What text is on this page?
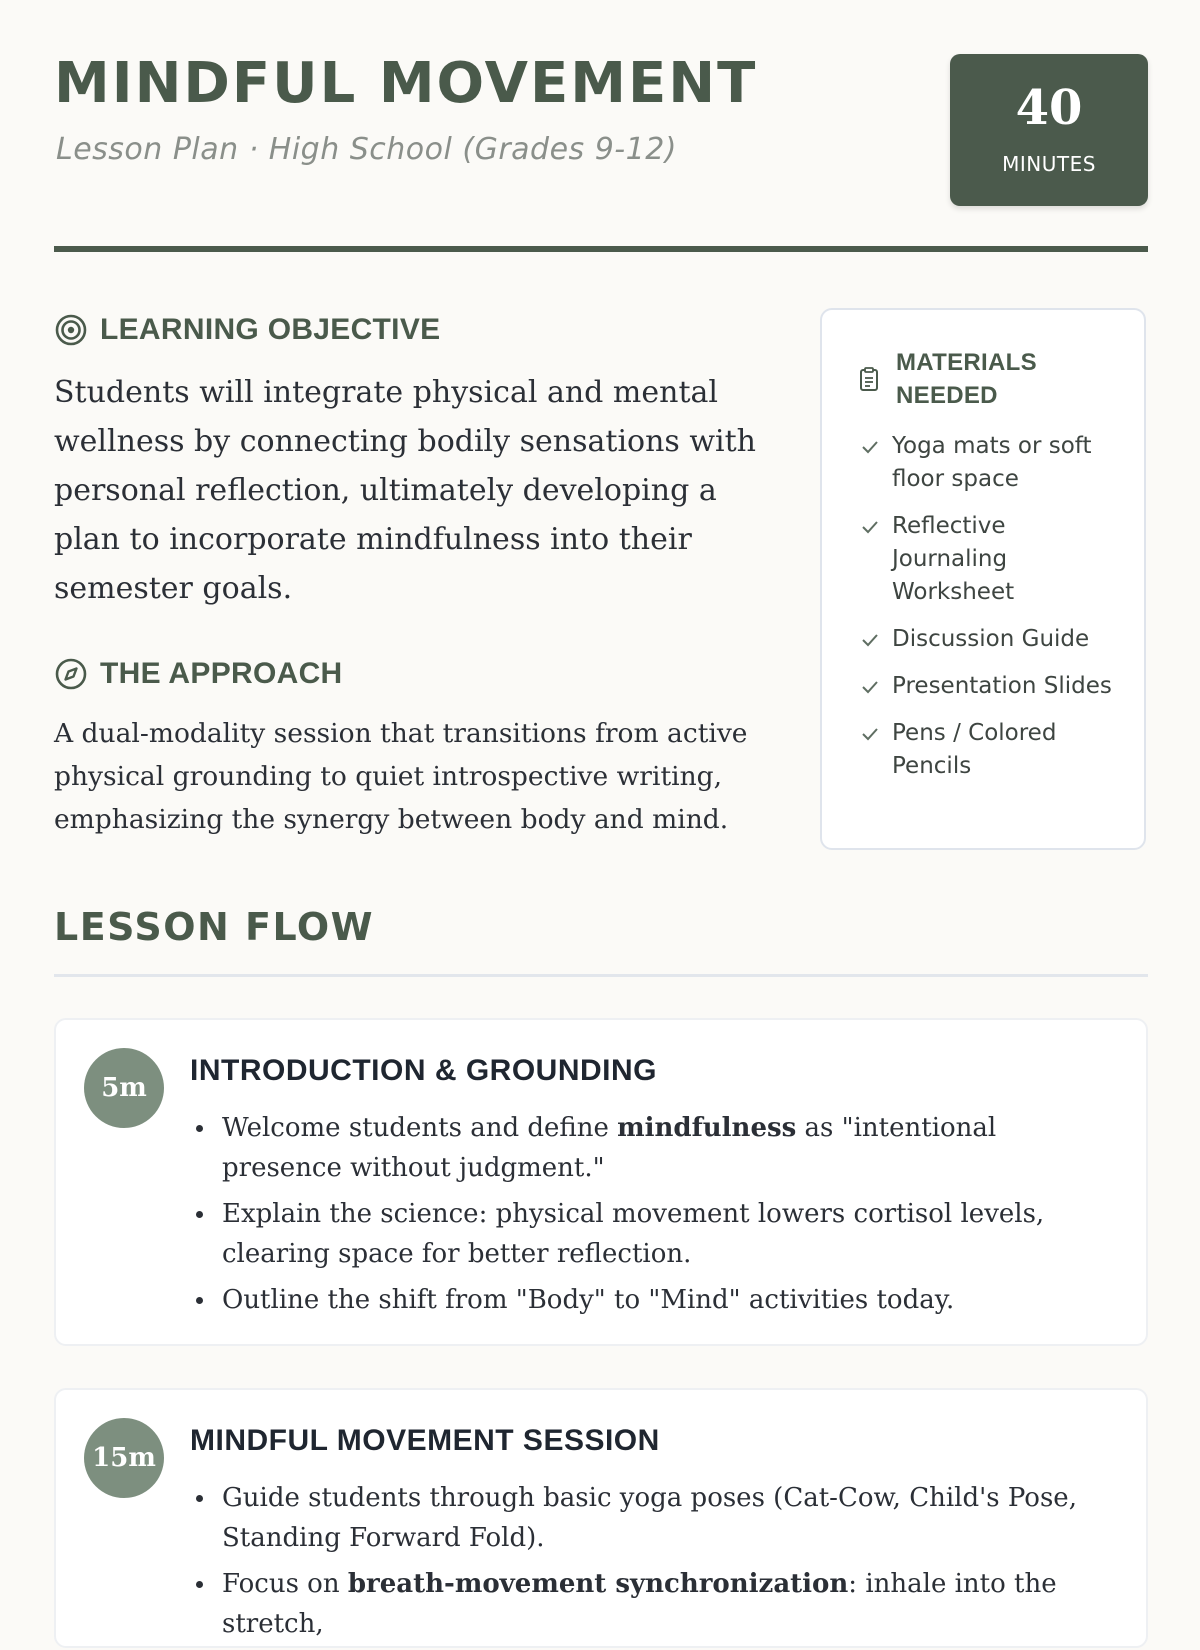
MINDFUL MOVEMENT
Lesson Plan · High School (Grades 9-12)
40
MINUTES
LEARNING OBJECTIVE

Students will integrate physical and mental wellness by connecting bodily sensations with personal reflection, ultimately developing a plan to incorporate mindfulness into their semester goals.

THE APPROACH

A dual-modality session that transitions from active physical grounding to quiet introspective writing, emphasizing the synergy between body and mind.

MATERIALS NEEDED
Yoga mats or soft floor space
Reflective Journaling Worksheet
Discussion Guide
Presentation Slides
Pens / Colored Pencils
LESSON FLOW
5m
INTRODUCTION & GROUNDING
Welcome students and define mindfulness as "intentional presence without judgment."
Explain the science: physical movement lowers cortisol levels, clearing space for better reflection.
Outline the shift from "Body" to "Mind" activities today.
15m
MINDFUL MOVEMENT SESSION
Guide students through basic yoga poses (Cat-Cow, Child's Pose, Standing Forward Fold).
Focus on breath-movement synchronization: inhale into the stretch,
